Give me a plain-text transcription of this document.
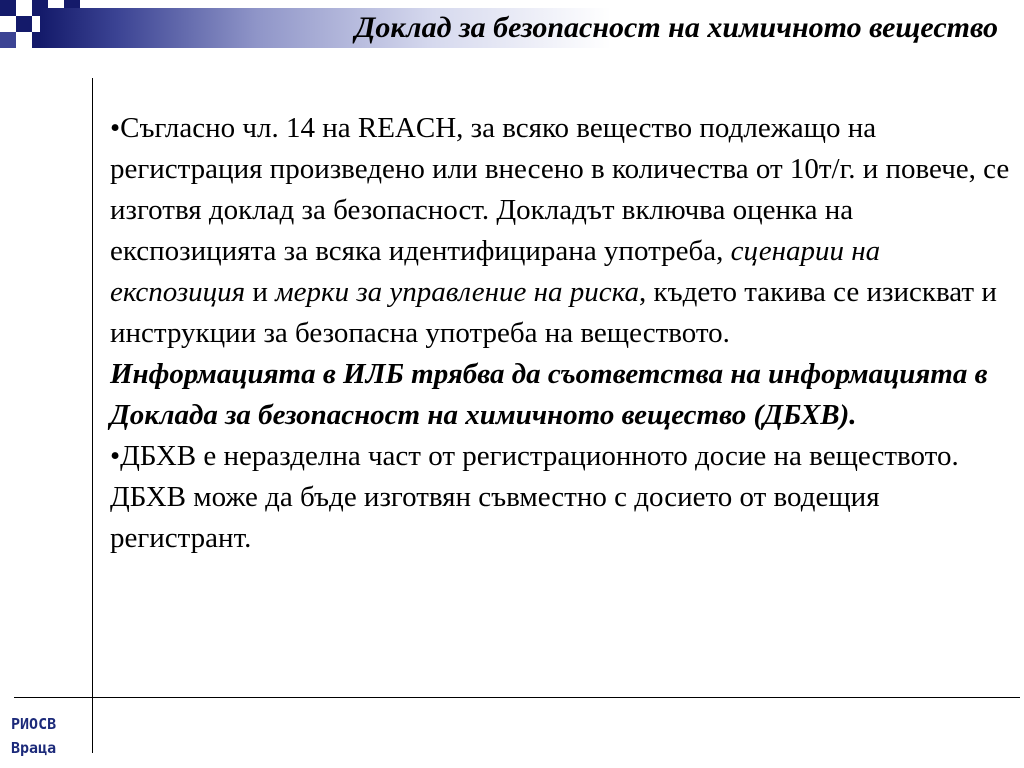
Доклад за безопасност на химичното вещество

•Съгласно чл. 14 на REACH, за всяко вещество подлежащо на регистрация произведено или внесено в количества от 10т/г. и повече, се изготвя доклад за безопасност. Докладът включва оценка на експозицията за всяка идентифицирана употреба, сценарии на експозиция и мерки за управление на риска, където такива се изискват и инструкции за безопасна употреба на веществото.

Информацията в ИЛБ трябва да съответства на информацията в Доклада за безопасност на химичното вещество (ДБХВ).

•ДБХВ е неразделна част от регистрационното досие на веществото. ДБХВ може да бъде изготвян съвместно с досието от водещия регистрант.

РИОСВ
Враца
